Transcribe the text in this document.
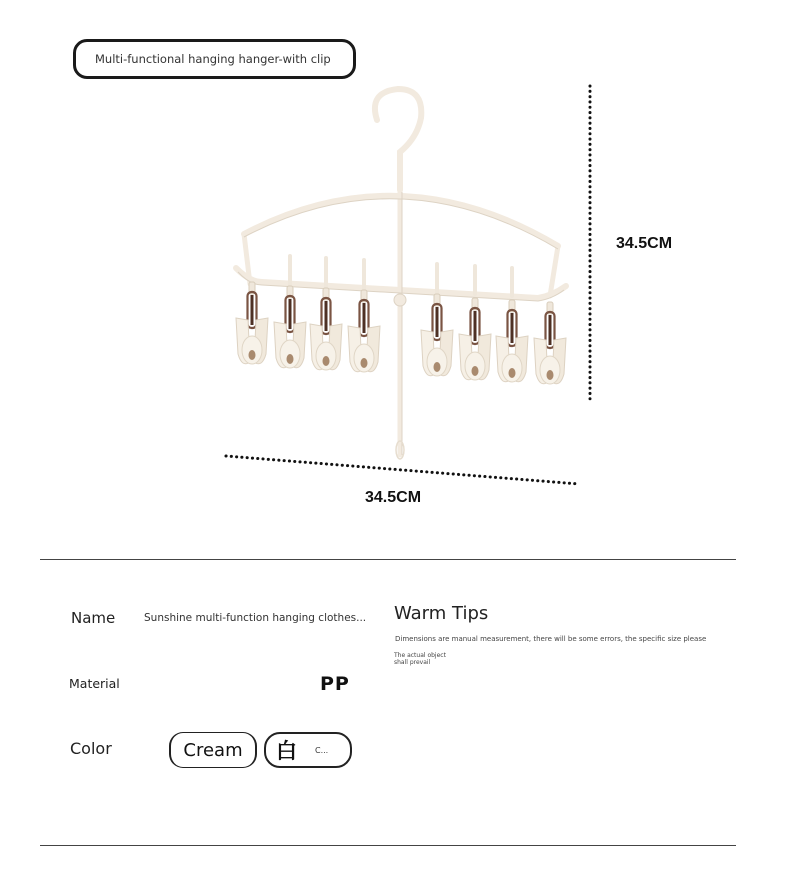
Multi-functional hanging hanger-with clip
34.5CM
34.5CM
Name	Sunshine multi-function hanging clothes...
Material	PP
Color	Cream 白 C...
Warm Tips
Dimensions are manual measurement, there will be some errors, the specific size please
The actual object shall prevail
